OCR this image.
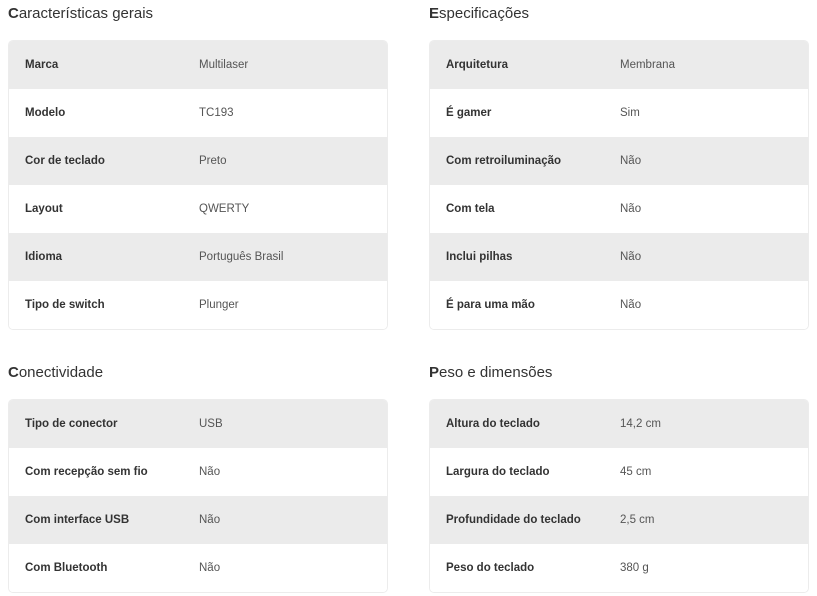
Características gerais
Marca	Multilaser
Modelo	TC193
Cor de teclado	Preto
Layout	QWERTY
Idioma	Português Brasil
Tipo de switch	Plunger
Especificações
Arquitetura	Membrana
É gamer	Sim
Com retroiluminação	Não
Com tela	Não
Inclui pilhas	Não
É para uma mão	Não
Conectividade
Tipo de conector	USB
Com recepção sem fio	Não
Com interface USB	Não
Com Bluetooth	Não
Peso e dimensões
Altura do teclado	14,2 cm
Largura do teclado	45 cm
Profundidade do teclado	2,5 cm
Peso do teclado	380 g
